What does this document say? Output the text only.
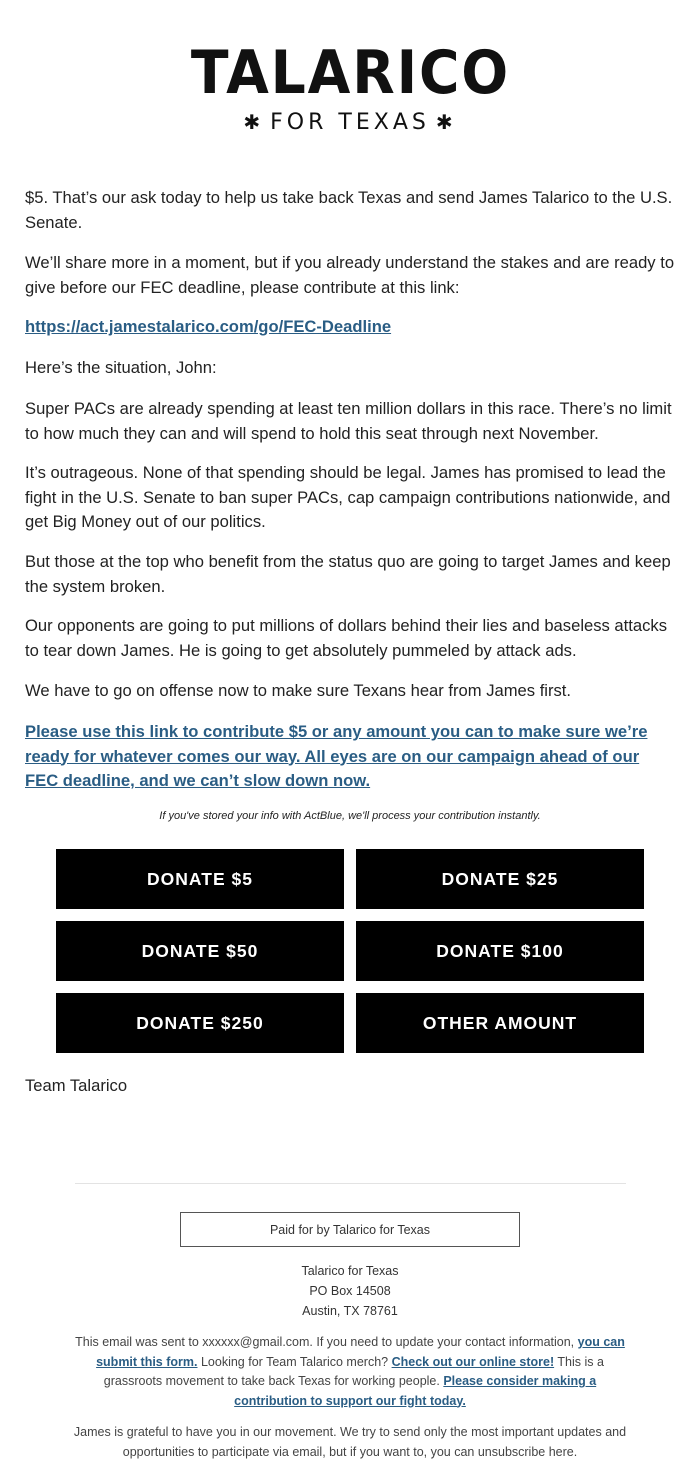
TALARICO
✱ FOR TEXAS ✱

$5. That’s our ask today to help us take back Texas and send James Talarico to the U.S. Senate.

We’ll share more in a moment, but if you already understand the stakes and are ready to give before our FEC deadline, please contribute at this link:

https://act.jamestalarico.com/go/FEC-Deadline

Here’s the situation, John:

Super PACs are already spending at least ten million dollars in this race. There’s no limit to how much they can and will spend to hold this seat through next November.

It’s outrageous. None of that spending should be legal. James has promised to lead the fight in the U.S. Senate to ban super PACs, cap campaign contributions nationwide, and get Big Money out of our politics.

But those at the top who benefit from the status quo are going to target James and keep the system broken.

Our opponents are going to put millions of dollars behind their lies and baseless attacks to tear down James. He is going to get absolutely pummeled by attack ads.

We have to go on offense now to make sure Texans hear from James first.

Please use this link to contribute $5 or any amount you can to make sure we’re ready for whatever comes our way. All eyes are on our campaign ahead of our FEC deadline, and we can’t slow down now.
If you've stored your info with ActBlue, we'll process your contribution instantly.
DONATE $5	DONATE $25
DONATE $50	DONATE $100
DONATE $250	OTHER AMOUNT
Team Talarico
Paid for by Talarico for Texas
Talarico for Texas
PO Box 14508
Austin, TX 78761
This email was sent to xxxxxx@gmail.com. If you need to update your contact information, you can submit this form. Looking for Team Talarico merch? Check out our online store! This is a grassroots movement to take back Texas for working people. Please consider making a contribution to support our fight today.
James is grateful to have you in our movement. We try to send only the most important updates and opportunities to participate via email, but if you want to, you can unsubscribe here.
